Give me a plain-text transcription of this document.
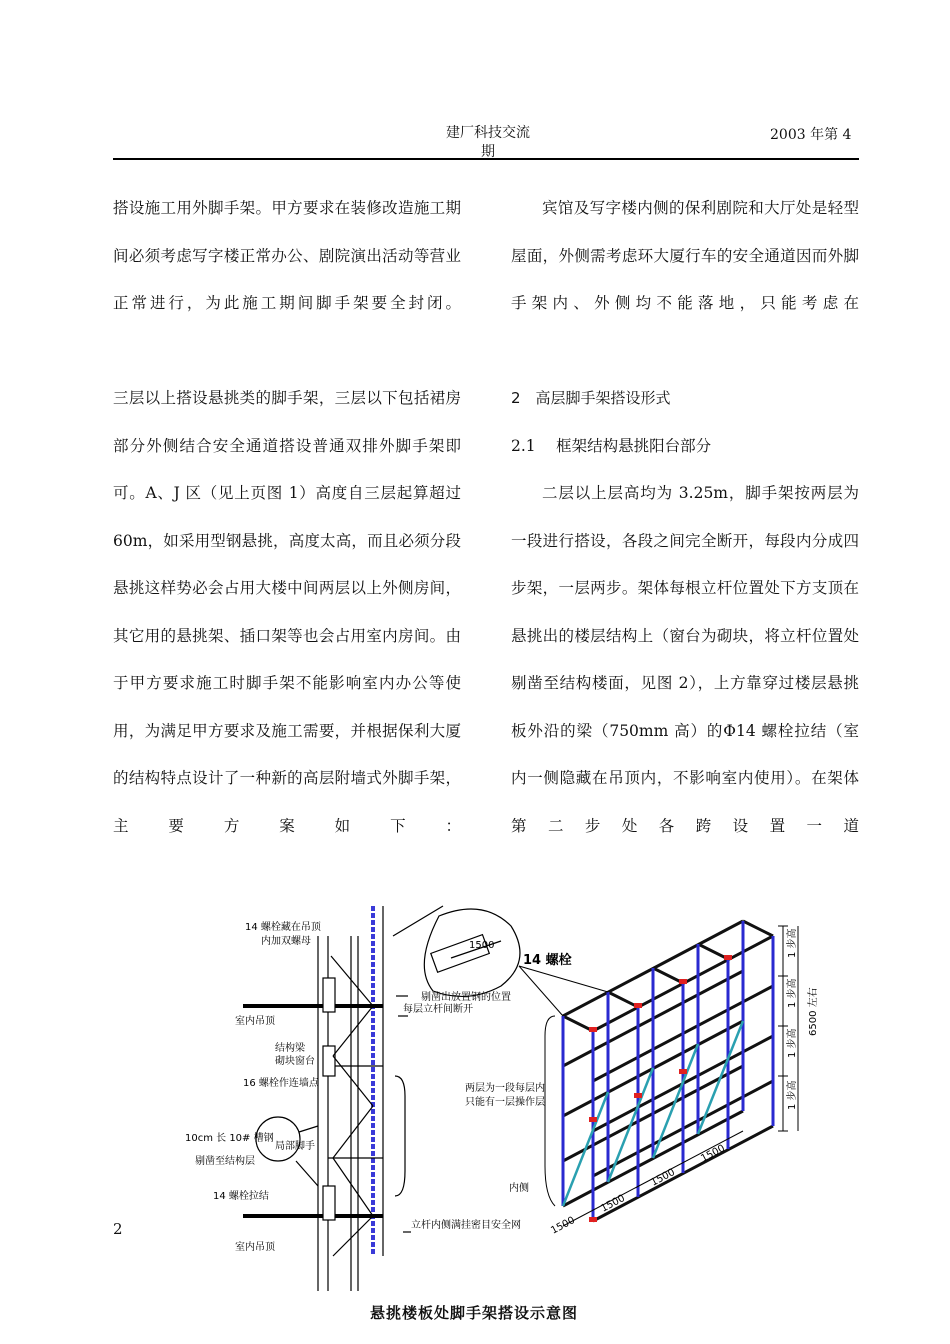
建厂科技交流期
2003 年第 4

搭设施工用外脚手架。甲方要求在装修改造施工期间必须考虑写字楼正常办公、剧院演出活动等营业正常进行，为此施工期间脚手架要全封闭。

三层以上搭设悬挑类的脚手架，三层以下包括裙房部分外侧结合安全通道搭设普通双排外脚手架即可。A、J 区（见上页图 1）高度自三层起算超过 60m，如采用型钢悬挑，高度太高，而且必须分段悬挑这样势必会占用大楼中间两层以上外侧房间，其它用的悬挑架、插口架等也会占用室内房间。由于甲方要求施工时脚手架不能影响室内办公等使用，为满足甲方要求及施工需要，并根据保利大厦的结构特点设计了一种新的高层附墙式外脚手架，主要方案如下：

宾馆及写字楼内侧的保利剧院和大厅处是轻型屋面，外侧需考虑环大厦行车的安全通道因而外脚手架内、外侧均不能落地，只能考虑在

2　高层脚手架搭设形式

2.1　 框架结构悬挑阳台部分

二层以上层高均为 3.25m，脚手架按两层为一段进行搭设，各段之间完全断开，每段内分成四步架，一层两步。架体每根立杆位置处下方支顶在悬挑出的楼层结构上（窗台为砌块，将立杆位置处剔凿至结构楼面，见图 2），上方靠穿过楼层悬挑板外沿的梁（750mm 高）的Φ14 螺栓拉结（室内一侧隐藏在吊顶内，不影响室内使用）。在架体第二步处各跨设置一道

2
14 螺栓藏在吊顶
内加双螺母
室内吊顶
结构梁
砌块窗台
16 螺栓作连墙点
10cm 长 10# 槽钢
剔凿至结构层
局部脚手
14 螺栓拉结
室内吊顶
每层立杆间断开
立杆内侧满挂密目安全网
剔凿出放置钢的位置
1500
14 螺栓
两层为一段每层内
只能有一层操作层
内侧
1500
1500
1500
1500
6500 左右
1 步高
1 步高
1 步高
1 步高
悬挑楼板处脚手架搭设示意图
